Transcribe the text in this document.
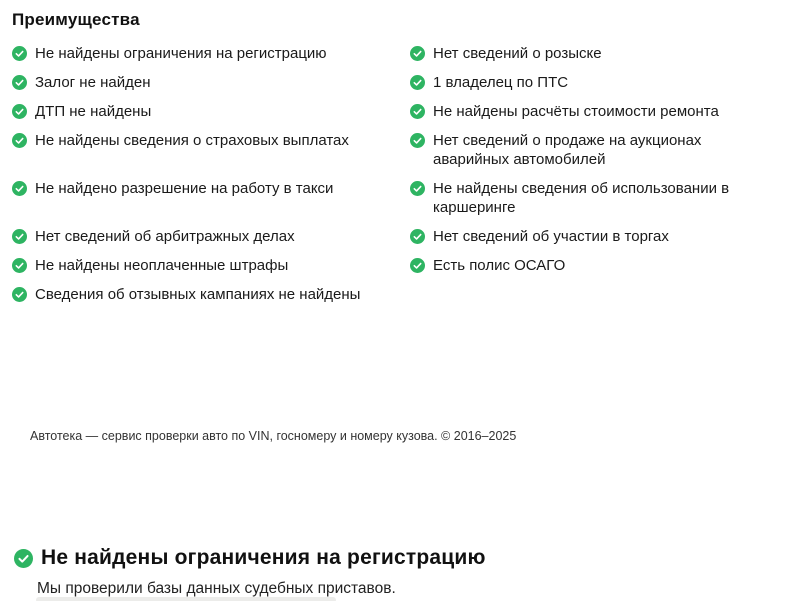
Преимущества
Не найдены ограничения на регистрацию	Нет сведений о розыске
Залог не найден	1 владелец по ПТС
ДТП не найдены	Не найдены расчёты стоимости ремонта
Не найдены сведения о страховых выплатах	Нет сведений о продаже на аукционах аварийных автомобилей
Не найдено разрешение на работу в такси	Не найдены сведения об использовании в каршеринге
Нет сведений об арбитражных делах	Нет сведений об участии в торгах
Не найдены неоплаченные штрафы	Есть полис ОСАГО
Сведения об отзывных кампаниях не найдены
Автотека — сервис проверки авто по VIN, госномеру и номеру кузова. © 2016–2025
Не найдены ограничения на регистрацию

Мы проверили базы данных судебных приставов.
